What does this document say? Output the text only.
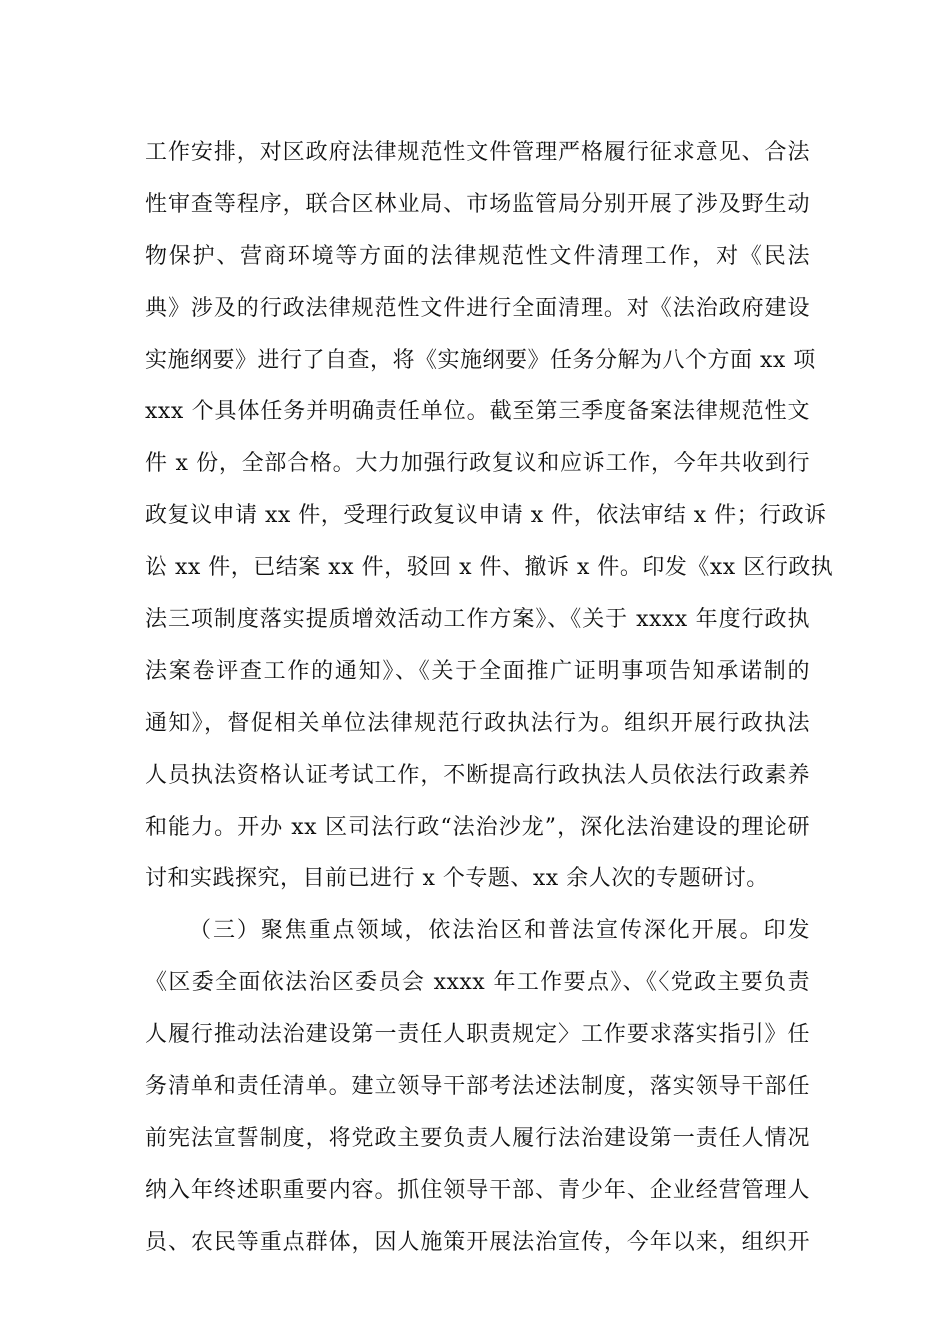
工作安排，对区政府法律规范性文件管理严格履行征求意见、合法
性审查等程序，联合区林业局、市场监管局分别开展了涉及野生动
物保护、营商环境等方面的法律规范性文件清理工作，对《民法
典》涉及的行政法律规范性文件进行全面清理。对《法治政府建设
实施纲要》进行了自查，将《实施纲要》任务分解为八个方面 xx 项
xxx 个具体任务并明确责任单位。截至第三季度备案法律规范性文
件 x 份，全部合格。大力加强行政复议和应诉工作，今年共收到行
政复议申请 xx 件，受理行政复议申请 x 件，依法审结 x 件；行政诉
讼 xx 件，已结案 xx 件，驳回 x 件、撤诉 x 件。印发《xx 区行政执
法三项制度落实提质增效活动工作方案》、《关于 xxxx 年度行政执
法案卷评查工作的通知》、《关于全面推广证明事项告知承诺制的
通知》，督促相关单位法律规范行政执法行为。组织开展行政执法
人员执法资格认证考试工作，不断提高行政执法人员依法行政素养
和能力。开办 xx 区司法行政“法治沙龙”，深化法治建设的理论研
讨和实践探究，目前已进行 x 个专题、xx 余人次的专题研讨。
（三）聚焦重点领域，依法治区和普法宣传深化开展。印发
《区委全面依法治区委员会 xxxx 年工作要点》、《〈党政主要负责
人履行推动法治建设第一责任人职责规定〉工作要求落实指引》任
务清单和责任清单。建立领导干部考法述法制度，落实领导干部任
前宪法宣誓制度，将党政主要负责人履行法治建设第一责任人情况
纳入年终述职重要内容。抓住领导干部、青少年、企业经营管理人
员、农民等重点群体，因人施策开展法治宣传，今年以来，组织开
